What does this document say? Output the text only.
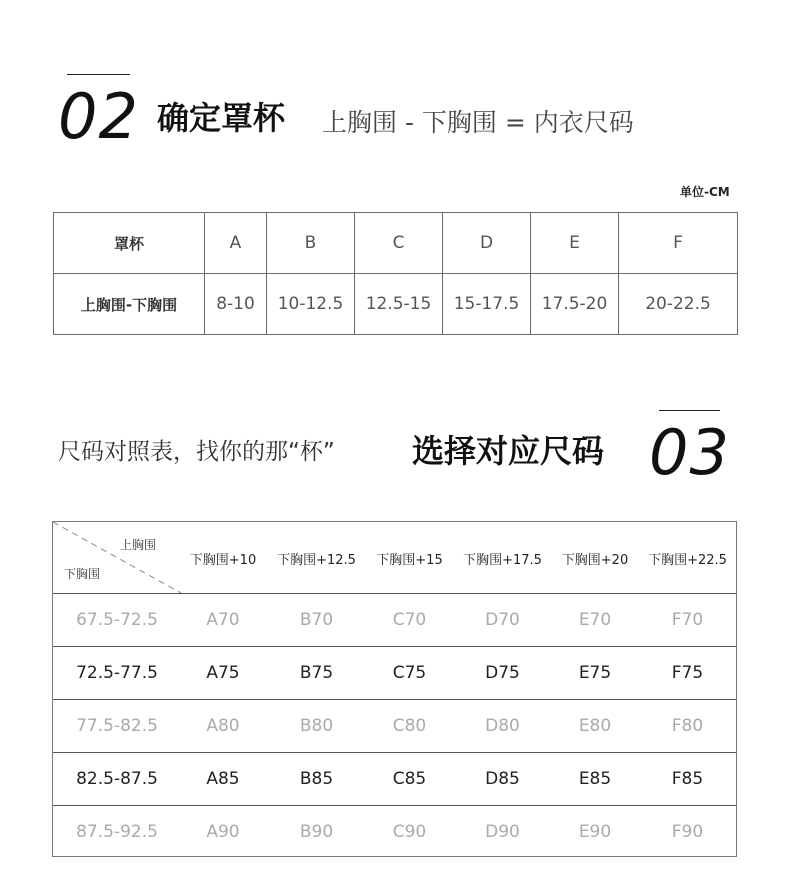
02 确定罩杯 上胸围 - 下胸围 = 内衣尺码
单位-CM
罩杯	A	B	C	D	E	F
上胸围-下胸围	8-10	10-12.5	12.5-15	15-17.5	17.5-20	20-22.5
尺码对照表，找你的那“杯” 选择对应尺码 03
上胸围
下胸围
下胸围+10	下胸围+12.5	下胸围+15	下胸围+17.5	下胸围+20	下胸围+22.5
67.5-72.5	A70	B70	C70	D70	E70	F70
72.5-77.5	A75	B75	C75	D75	E75	F75
77.5-82.5	A80	B80	C80	D80	E80	F80
82.5-87.5	A85	B85	C85	D85	E85	F85
87.5-92.5	A90	B90	C90	D90	E90	F90
